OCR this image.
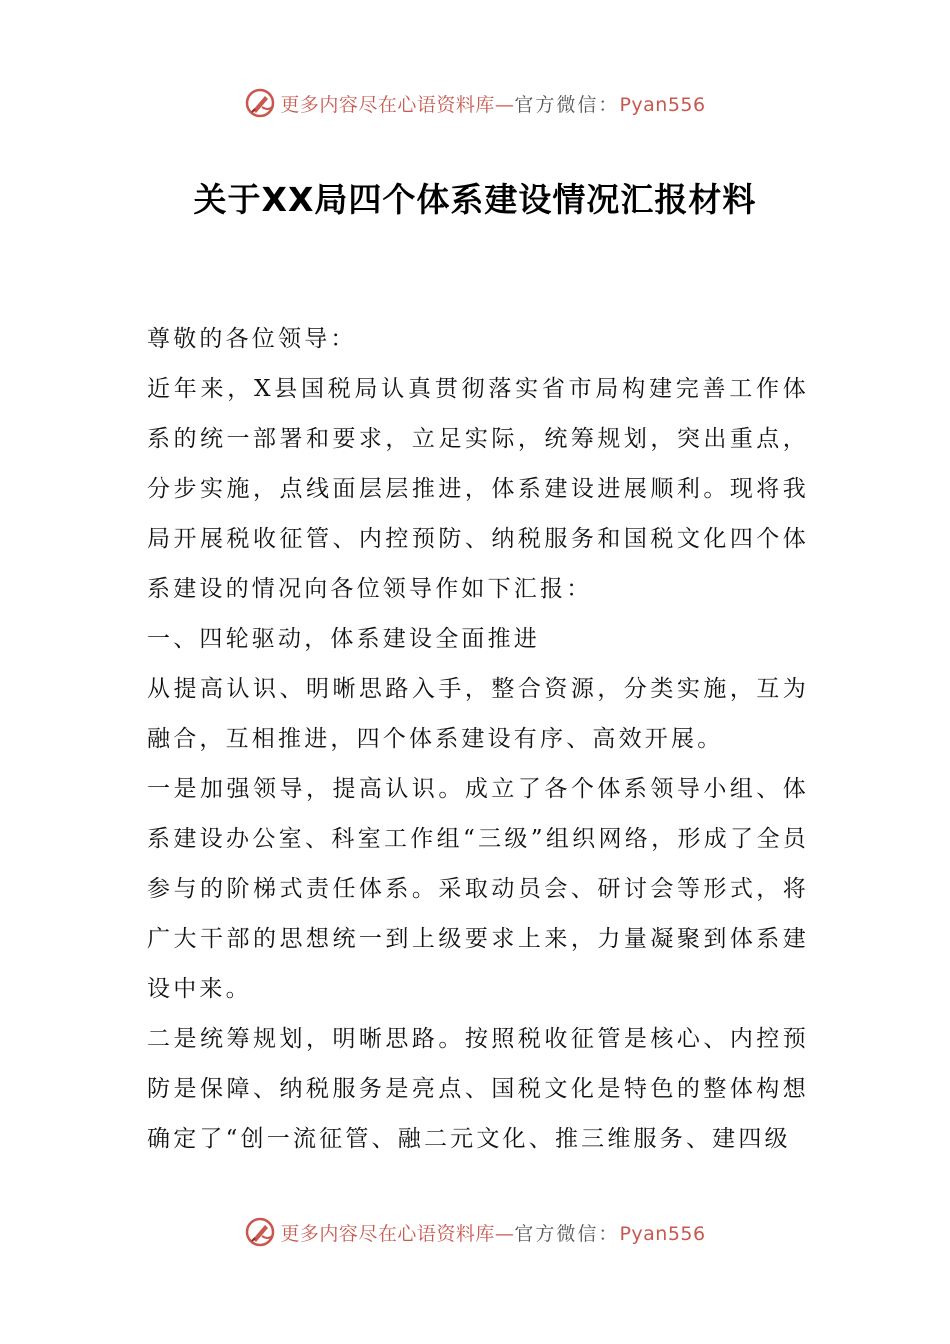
更多内容尽在心语资料库—官方微信：Pyan556
关于XX局四个体系建设情况汇报材料

尊敬的各位领导：

近年来，X县国税局认真贯彻落实省市局构建完善工作体系的统一部署和要求，立足实际，统筹规划，突出重点，分步实施，点线面层层推进，体系建设进展顺利。现将我局开展税收征管、内控预防、纳税服务和国税文化四个体系建设的情况向各位领导作如下汇报：

一、四轮驱动，体系建设全面推进

从提高认识、明晰思路入手，整合资源，分类实施，互为融合，互相推进，四个体系建设有序、高效开展。

一是加强领导，提高认识。成立了各个体系领导小组、体系建设办公室、科室工作组“三级”组织网络，形成了全员参与的阶梯式责任体系。采取动员会、研讨会等形式，将广大干部的思想统一到上级要求上来，力量凝聚到体系建设中来。

二是统筹规划，明晰思路。按照税收征管是核心、内控预防是保障、纳税服务是亮点、国税文化是特色的整体构想确定了“创一流征管、融二元文化、推三维服务、建四级

更多内容尽在心语资料库—官方微信：Pyan556
